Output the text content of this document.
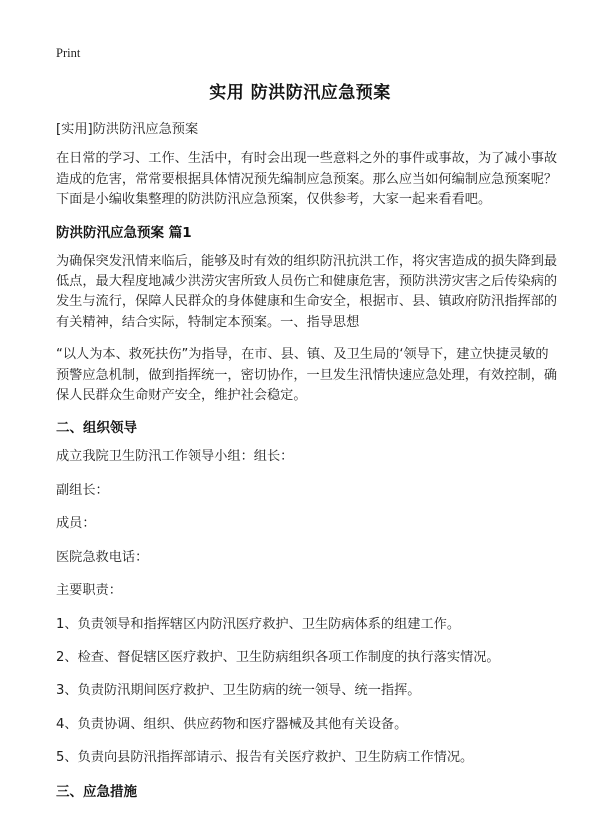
Print
实用 防洪防汛应急预案

[实用]防洪防汛应急预案

在日常的学习、工作、生活中，有时会出现一些意料之外的事件或事故，为了减小事故造成的危害，常常要根据具体情况预先编制应急预案。那么应当如何编制应急预案呢？下面是小编收集整理的防洪防汛应急预案，仅供参考，大家一起来看看吧。

防洪防汛应急预案 篇1

为确保突发汛情来临后，能够及时有效的组织防汛抗洪工作，将灾害造成的损失降到最低点，最大程度地减少洪涝灾害所致人员伤亡和健康危害，预防洪涝灾害之后传染病的发生与流行，保障人民群众的身体健康和生命安全，根据市、县、镇政府防汛指挥部的有关精神，结合实际，特制定本预案。一、指导思想

“以人为本、救死扶伤”为指导，在市、县、镇、及卫生局的‘领导下，建立快捷灵敏的预警应急机制，做到指挥统一，密切协作，一旦发生汛情快速应急处理，有效控制，确保人民群众生命财产安全，维护社会稳定。

二、组织领导

成立我院卫生防汛工作领导小组：组长：

副组长：

成员：

医院急救电话：

主要职责：

1、负责领导和指挥辖区内防汛医疗救护、卫生防病体系的组建工作。

2、检查、督促辖区医疗救护、卫生防病组织各项工作制度的执行落实情况。

3、负责防汛期间医疗救护、卫生防病的统一领导、统一指挥。

4、负责协调、组织、供应药物和医疗器械及其他有关设备。

5、负责向县防汛指挥部请示、报告有关医疗救护、卫生防病工作情况。

三、应急措施
